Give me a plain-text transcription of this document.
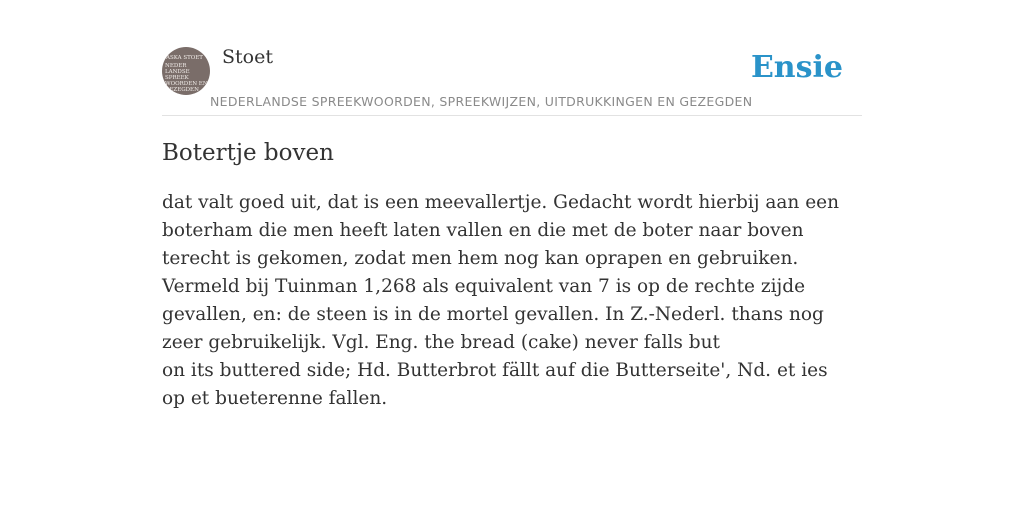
ASKA STOET
NEDER
LANDSE
SPREEK
WOORDEN EN
GEZEGDEN
Stoet
NEDERLANDSE SPREEKWOORDEN, SPREEKWIJZEN, UITDRUKKINGEN EN GEZEGDEN
Ensie
Botertje boven
dat valt goed uit, dat is een meevallertje. Gedacht wordt hierbij aan een boterham die men heeft laten vallen en die met de boter naar boven terecht is gekomen, zodat men hem nog kan oprapen en gebruiken. Vermeld bij Tuinman 1,268 als equivalent van 7 is op de rechte zijde gevallen, en: de steen is in de mortel gevallen. In Z.-Nederl. thans nog zeer gebruikelijk. Vgl. Eng. the bread (cake) never falls but
on its buttered side; Hd. Butterbrot fällt auf die Butterseite', Nd. et ies op et bueterenne fallen.
